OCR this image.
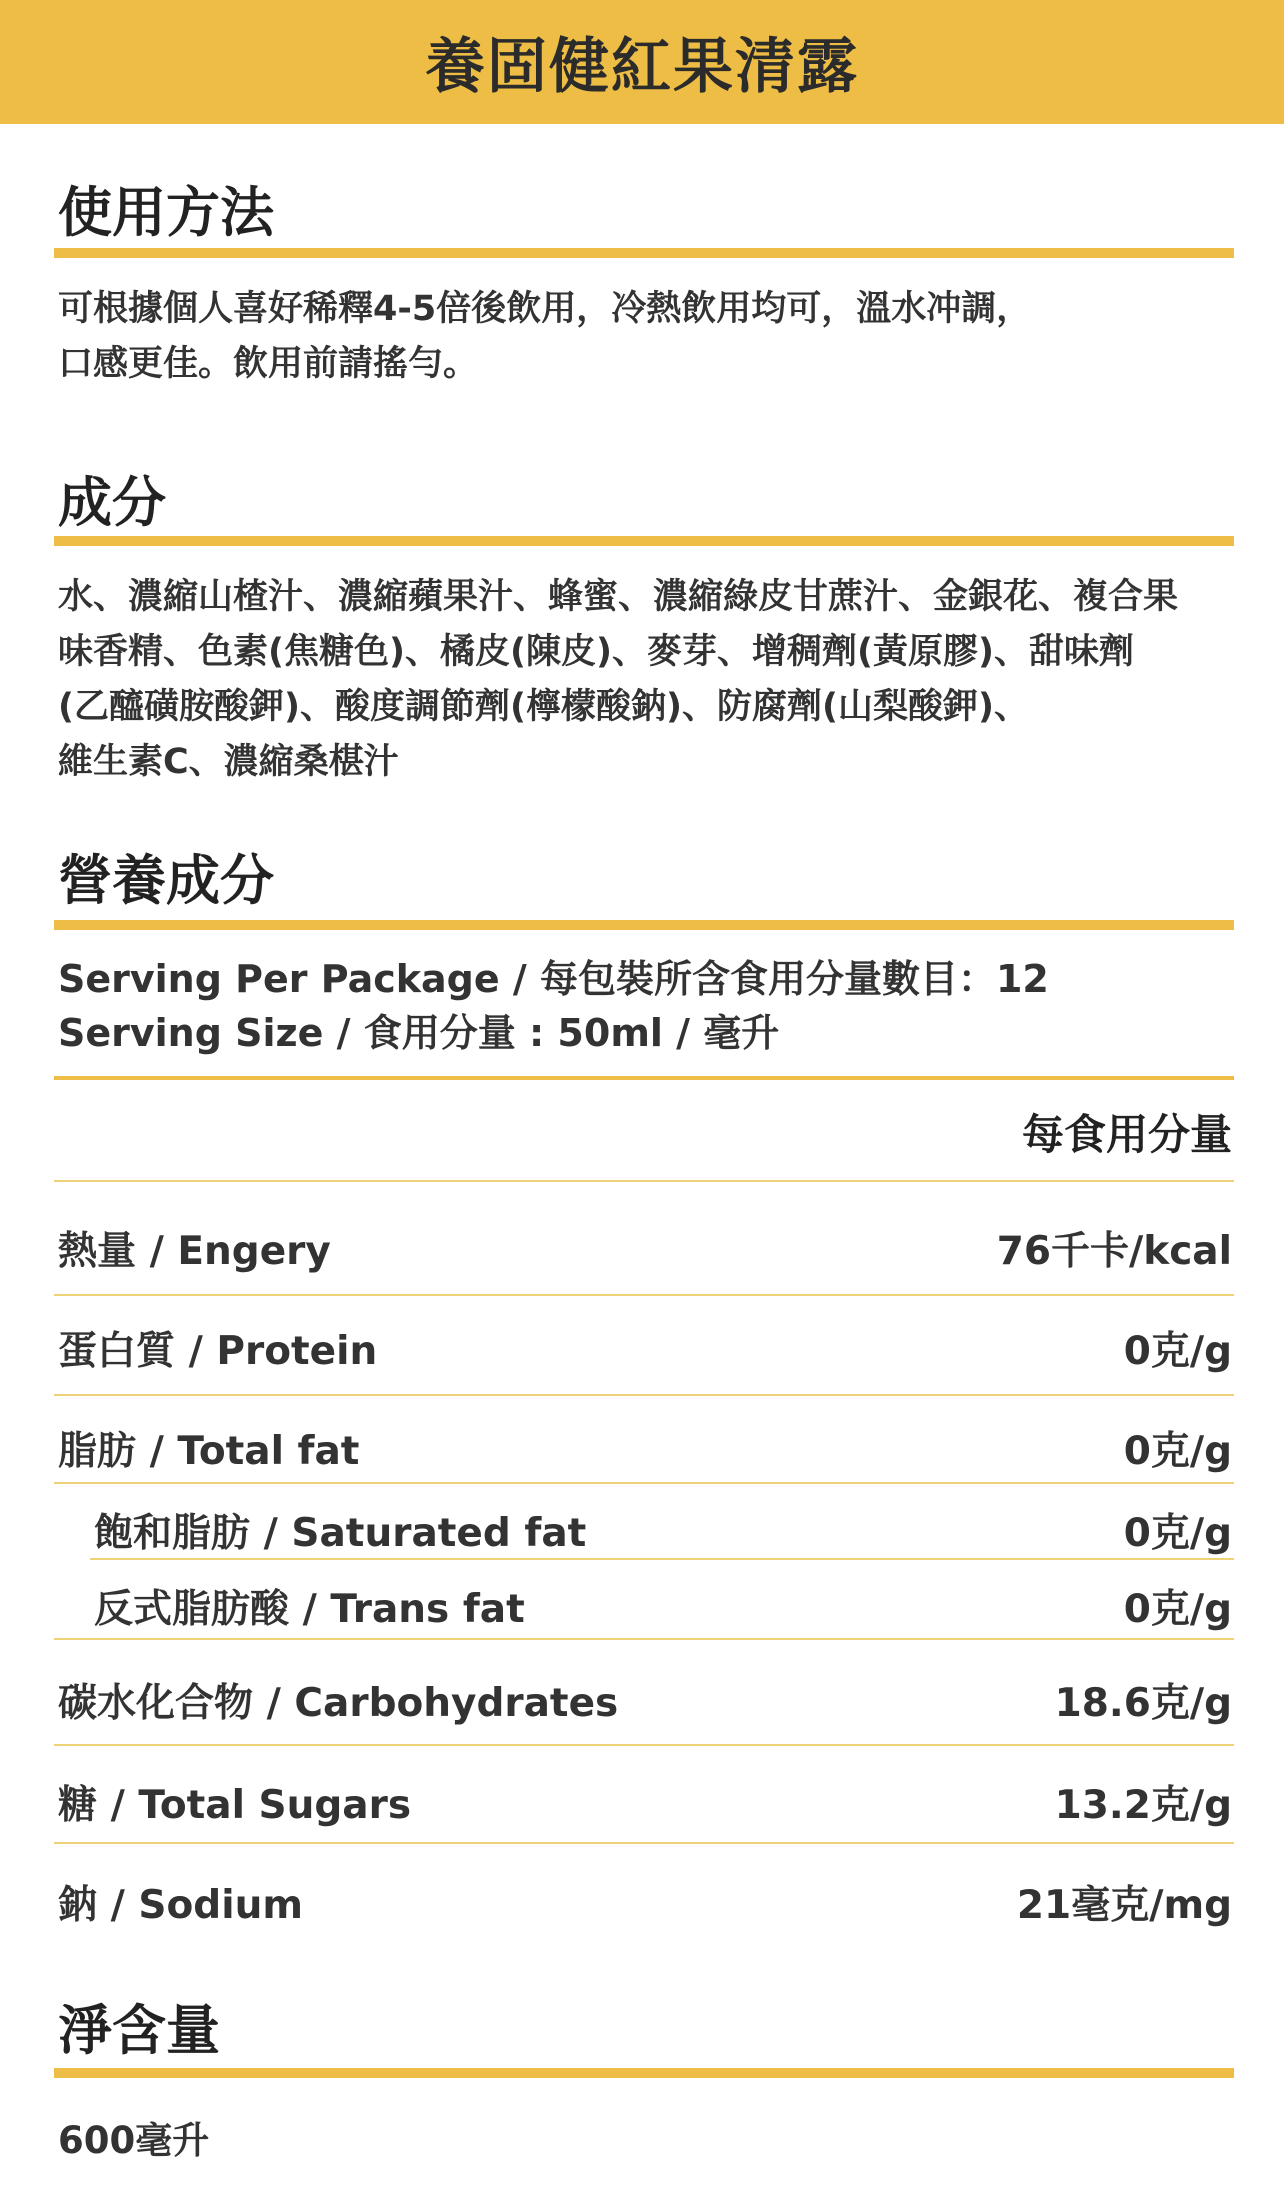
養固健紅果清露
使用方法
可根據個人喜好稀釋4-5倍後飲用，冷熱飲用均可，溫水冲調，
口感更佳。飲用前請搖勻。
成分
水、濃縮山楂汁、濃縮蘋果汁、蜂蜜、濃縮綠皮甘蔗汁、金銀花、複合果
味香精、色素(焦糖色)、橘皮(陳皮)、麥芽、增稠劑(黃原膠)、甜味劑
(乙醯磺胺酸鉀)、酸度調節劑(檸檬酸鈉)、防腐劑(山梨酸鉀)、
維生素C、濃縮桑椹汁
營養成分
Serving Per Package / 每包裝所含食用分量數目：12
Serving Size / 食用分量 : 50ml / 毫升
每食用分量
熱量 / Engery	76千卡/kcal
蛋白質 / Protein	0克/g
脂肪 / Total fat	0克/g
飽和脂肪 / Saturated fat	0克/g
反式脂肪酸 / Trans fat	0克/g
碳水化合物 / Carbohydrates	18.6克/g
糖 / Total Sugars	13.2克/g
鈉 / Sodium	21毫克/mg
淨含量
600毫升
